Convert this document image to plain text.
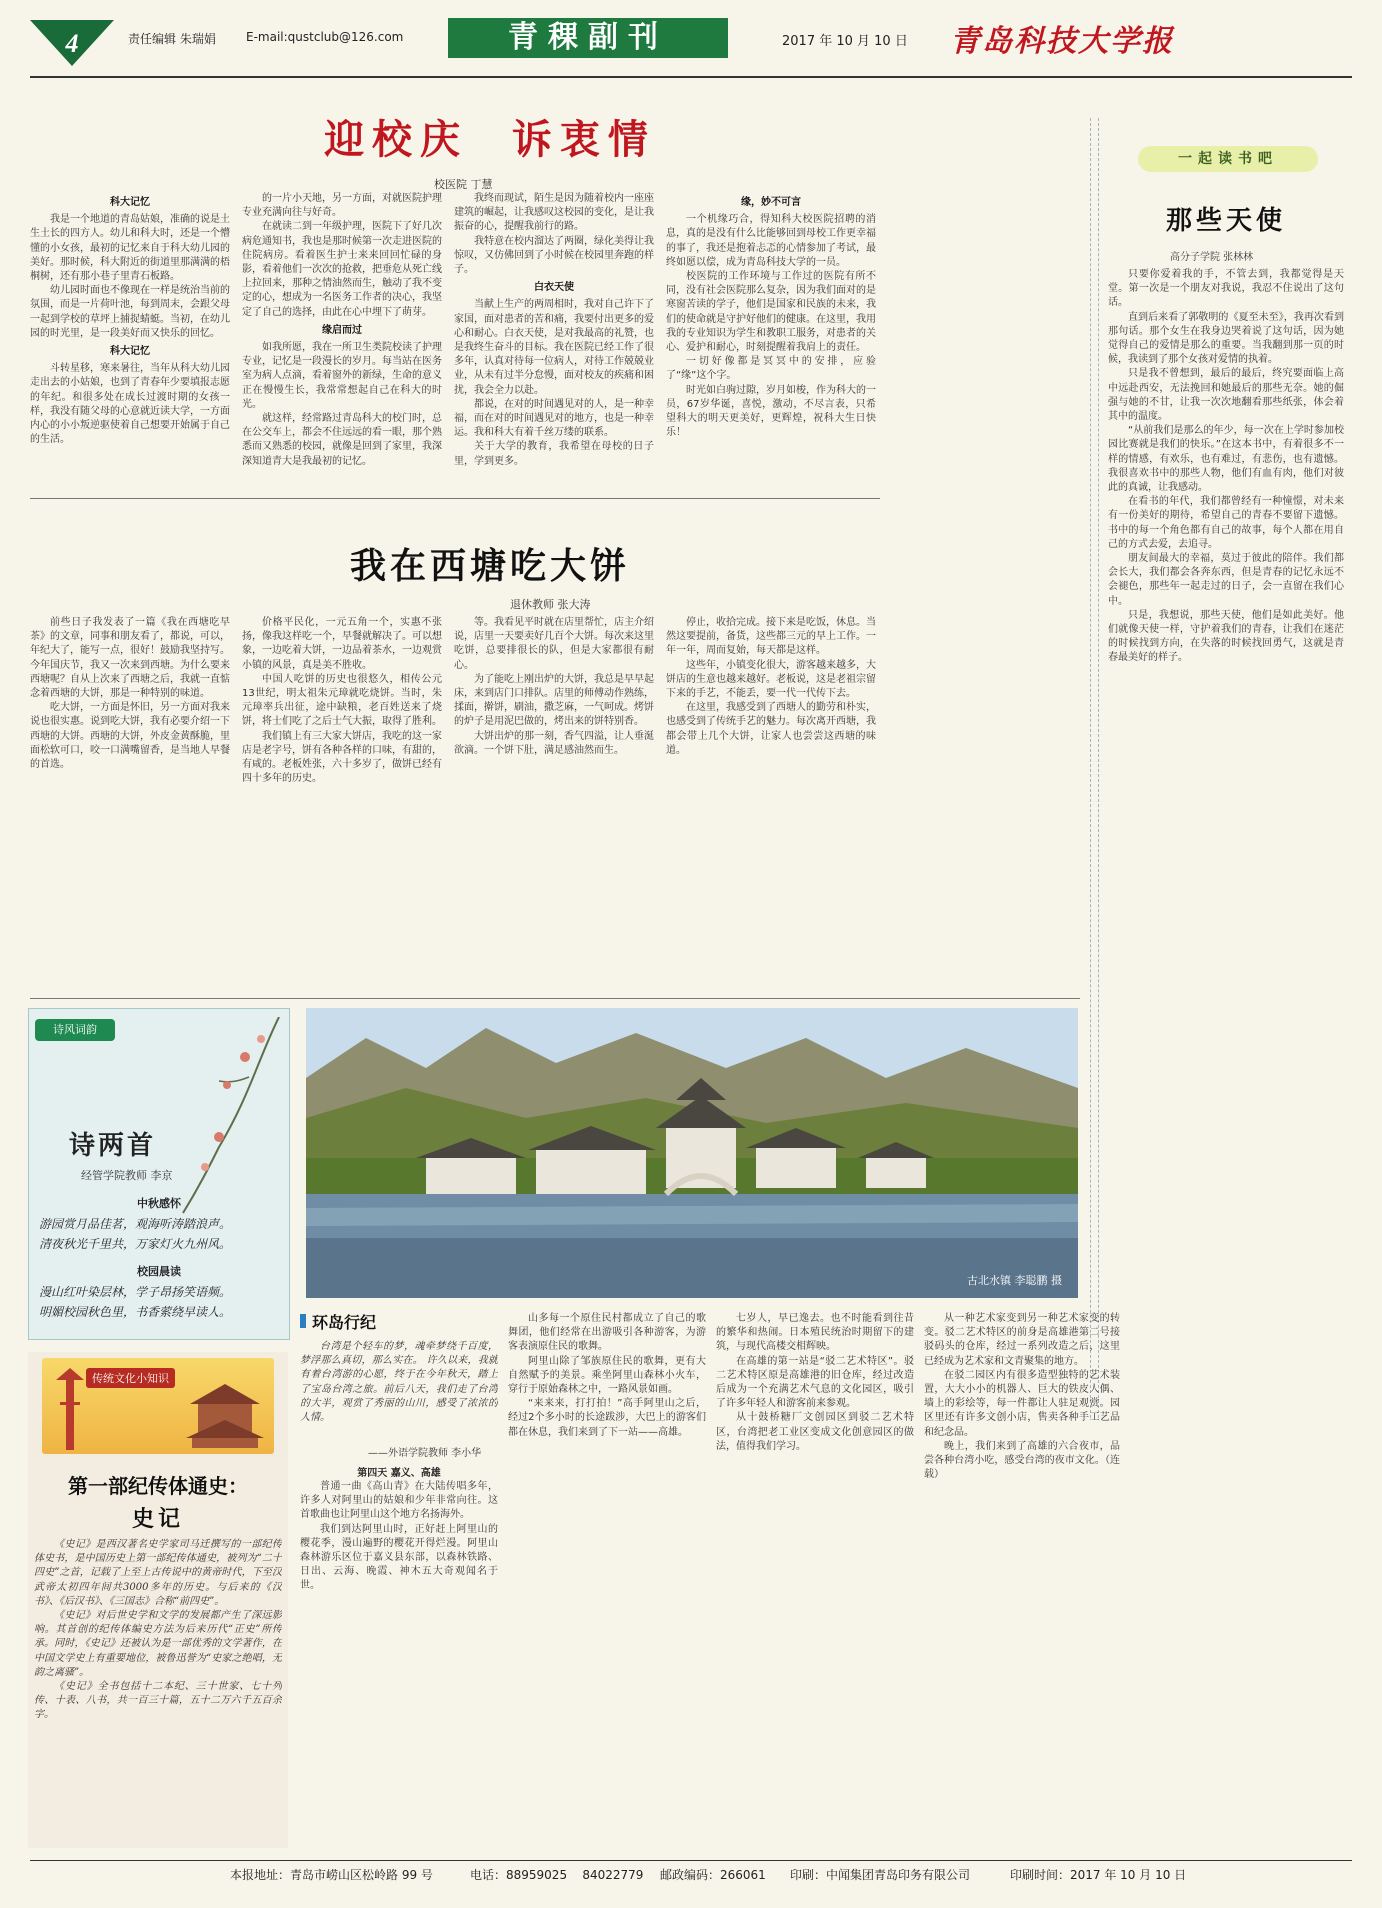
4	责任编辑 朱瑞娟	E-mail:qustclub@126.com	青稞副刊	2017 年 10 月 10 日 青岛科技大学报
迎校庆  诉衷情
校医院 丁慧
科大记忆

我是一个地道的青岛姑娘，准确的说是土生土长的四方人。幼儿和科大时，还是一个懵懂的小女孩，最初的记忆来自于科大幼儿园的美好。那时候，科大附近的街道里那满满的梧桐树，还有那小巷子里青石板路。

幼儿园时面也不像现在一样是统治当前的氛围，而是一片荷叶池，每到周末，会跟父母一起到学校的草坪上捕捉蜻蜓。当初，在幼儿园的时光里，是一段美好而又快乐的回忆。

科大记忆

斗转星移，寒来暑往，当年从科大幼儿园走出去的小姑娘，也到了青春年少要填报志愿的年纪。和很多处在成长过渡时期的女孩一样，我没有随父母的心意就近读大学，一方面内心的小小叛逆驱使着自己想要开始属于自己的生活。

的一片小天地，另一方面，对就医院护理专业充满向往与好奇。

在就读二到一年级护理，医院下了好几次病危通知书，我也是那时候第一次走进医院的住院病房。看着医生护士来来回回忙碌的身影，看着他们一次次的抢救，把垂危从死亡线上拉回来，那种之情油然而生，触动了我不变定的心，想成为一名医务工作者的决心，我坚定了自己的选择，由此在心中埋下了萌芽。

缘启而过

如我所愿，我在一所卫生类院校读了护理专业，记忆是一段漫长的岁月。每当站在医务室为病人点滴，看着窗外的新绿，生命的意义正在慢慢生长，我常常想起自己在科大的时光。

就这样，经常路过青岛科大的校门时，总在公交车上，都会不住远远的看一眼，那个熟悉而又熟悉的校园，就像是回到了家里，我深深知道青大是我最初的记忆。

我终而现试，陌生是因为随着校内一座座建筑的崛起，让我感叹这校园的变化，是让我振奋的心，提醒我前行的路。

我特意在校内溜达了两圈，绿化美得让我惊叹，又仿佛回到了小时候在校园里奔跑的样子。

白衣天使

当献上生产的两周相时，我对自己许下了家国，面对患者的苦和痛，我要付出更多的爱心和耐心。白衣天使，是对我最高的礼赞，也是我终生奋斗的目标。我在医院已经工作了很多年，认真对待每一位病人，对待工作兢兢业业，从未有过半分怠慢，面对校友的疾痛和困扰，我会全力以赴。

都说，在对的时间遇见对的人，是一种幸福，而在对的时间遇见对的地方，也是一种幸运。我和科大有着千丝万缕的联系。

关于大学的教育，我希望在母校的日子里，学到更多。

缘，妙不可言

一个机缘巧合，得知科大校医院招聘的消息，真的是没有什么比能够回到母校工作更幸福的事了，我还是抱着忐忑的心情参加了考试，最终如愿以偿，成为青岛科技大学的一员。

校医院的工作环境与工作过的医院有所不同，没有社会医院那么复杂，因为我们面对的是寒窗苦读的学子，他们是国家和民族的未来，我们的使命就是守护好他们的健康。在这里，我用我的专业知识为学生和教职工服务，对患者的关心、爱护和耐心，时刻提醒着我肩上的责任。

一切好像都是冥冥中的安排，应验了“缘”这个字。

时光如白驹过隙，岁月如梭，作为科大的一员，67岁华诞，喜悦，激动，不尽言表，只希望科大的明天更美好，更辉煌，祝科大生日快乐！

一起读书吧
那些天使
高分子学院 张林林

只要你爱着我的手，不管去到，我都觉得是天堂。第一次是一个朋友对我说，我忍不住说出了这句话。

直到后来看了郭敬明的《夏至未至》，我再次看到那句话。那个女生在我身边哭着说了这句话，因为她觉得自己的爱情是那么的重要。当我翻到那一页的时候，我读到了那个女孩对爱情的执着。

只是我不曾想到，最后的最后，终究要面临上高中远赴西安，无法挽回和她最后的那些无奈。她的倔强与她的不甘，让我一次次地翻看那些纸张，体会着其中的温度。

“从前我们是那么的年少，每一次在上学时参加校园比赛就是我们的快乐。”在这本书中，有着很多不一样的情感，有欢乐，也有难过，有悲伤，也有遗憾。我很喜欢书中的那些人物，他们有血有肉，他们对彼此的真诚，让我感动。

在看书的年代，我们都曾经有一种憧憬，对未来有一份美好的期待，希望自己的青春不要留下遗憾。书中的每一个角色都有自己的故事，每个人都在用自己的方式去爱，去追寻。

朋友间最大的幸福，莫过于彼此的陪伴。我们都会长大，我们都会各奔东西，但是青春的记忆永远不会褪色，那些年一起走过的日子，会一直留在我们心中。

只是，我想说，那些天使，他们是如此美好。他们就像天使一样，守护着我们的青春，让我们在迷茫的时候找到方向，在失落的时候找回勇气，这就是青春最美好的样子。

我在西塘吃大饼
退休教师 张大涛

前些日子我发表了一篇《我在西塘吃早茶》的文章，同事和朋友看了，都说，可以，年纪大了，能写一点，很好！鼓励我坚持写。今年国庆节，我又一次来到西塘。为什么要来西塘呢？自从上次来了西塘之后，我就一直惦念着西塘的大饼，那是一种特别的味道。

吃大饼，一方面是怀旧，另一方面对我来说也很实惠。说到吃大饼，我有必要介绍一下西塘的大饼。西塘的大饼，外皮金黄酥脆，里面松软可口，咬一口满嘴留香，是当地人早餐的首选。

价格平民化，一元五角一个，实惠不张扬，像我这样吃一个，早餐就解决了。可以想象，一边吃着大饼，一边品着茶水，一边观赏小镇的风景，真是美不胜收。

中国人吃饼的历史也很悠久，相传公元13世纪，明太祖朱元璋就吃烧饼。当时，朱元璋率兵出征，途中缺粮，老百姓送来了烧饼，将士们吃了之后士气大振，取得了胜利。

我们镇上有三大家大饼店，我吃的这一家店是老字号，饼有各种各样的口味，有甜的，有咸的。老板姓张，六十多岁了，做饼已经有四十多年的历史。

等。我看见平时就在店里帮忙，店主介绍说，店里一天要卖好几百个大饼。每次来这里吃饼，总要排很长的队，但是大家都很有耐心。

为了能吃上刚出炉的大饼，我总是早早起床，来到店门口排队。店里的师傅动作熟练，揉面，擀饼，刷油，撒芝麻，一气呵成。烤饼的炉子是用泥巴做的，烤出来的饼特别香。

大饼出炉的那一刻，香气四溢，让人垂涎欲滴。一个饼下肚，满足感油然而生。

停止，收拾完成。接下来是吃饭，休息。当然这要提前，备货，这些都三元的早上工作。一年一年，周而复始，每天都是这样。

这些年，小镇变化很大，游客越来越多，大饼店的生意也越来越好。老板说，这是老祖宗留下来的手艺，不能丢，要一代一代传下去。

在这里，我感受到了西塘人的勤劳和朴实，也感受到了传统手艺的魅力。每次离开西塘，我都会带上几个大饼，让家人也尝尝这西塘的味道。

诗风词韵
诗两首
经管学院教师 李京
中秋感怀
游园赏月品佳茗，观海听涛踏浪声。
清夜秋光千里共，万家灯火九州风。
校园晨读
漫山红叶染层林，学子昂扬笑语频。
明媚校园秋色里，书香萦绕早读人。
古北水镇 李聪鹏 摄
传统文化小知识
第一部纪传体通史：
史记

《史记》是西汉著名史学家司马迁撰写的一部纪传体史书，是中国历史上第一部纪传体通史，被列为“二十四史”之首，记载了上至上古传说中的黄帝时代，下至汉武帝太初四年间共3000多年的历史。与后来的《汉书》、《后汉书》、《三国志》合称“前四史”。

《史记》对后世史学和文学的发展都产生了深远影响。其首创的纪传体编史方法为后来历代“正史”所传承。同时，《史记》还被认为是一部优秀的文学著作，在中国文学史上有重要地位，被鲁迅誉为“史家之绝唱，无韵之离骚”。

《史记》全书包括十二本纪、三十世家、七十列传、十表、八书，共一百三十篇，五十二万六千五百余字。

环岛行纪

台湾是个轻车的梦，魂牵梦绕千百度，梦浮那么真切，那么实在。 许久以来，我就有着台湾游的心愿，终于在今年秋天，踏上了宝岛台湾之旅。前后八天，我们走了台湾的大半，观赏了秀丽的山川，感受了浓浓的人情。

——外语学院教师 李小华
第四天 嘉义、高雄

普通一曲《高山青》在大陆传唱多年，许多人对阿里山的姑娘和少年非常向往。这首歌曲也让阿里山这个地方名扬海外。

我们到达阿里山时，正好赶上阿里山的樱花季，漫山遍野的樱花开得烂漫。阿里山森林游乐区位于嘉义县东部，以森林铁路、日出、云海、晚霞、神木五大奇观闻名于世。

山多每一个原住民村都成立了自己的歌舞团，他们经常在出游吸引各种游客，为游客表演原住民的歌舞。

阿里山除了邹族原住民的歌舞，更有大自然赋予的美景。乘坐阿里山森林小火车，穿行于原始森林之中，一路风景如画。

“来来来，打打拍！”高手阿里山之后，经过2个多小时的长途跋涉，大巴上的游客们都在休息，我们来到了下一站——高雄。

七岁人，早已逸去。也不时能看到往昔的繁华和热闹。日本殖民统治时期留下的建筑，与现代高楼交相辉映。

在高雄的第一站是“驳二艺术特区”。驳二艺术特区原是高雄港的旧仓库，经过改造后成为一个充满艺术气息的文化园区，吸引了许多年轻人和游客前来参观。

从十鼓桥糖厂文创园区到驳二艺术特区，台湾把老工业区变成文化创意园区的做法，值得我们学习。

从一种艺术家变到另一种艺术家变的转变。驳二艺术特区的前身是高雄港第二号接驳码头的仓库，经过一系列改造之后，这里已经成为艺术家和文青聚集的地方。

在驳二园区内有很多造型独特的艺术装置，大大小小的机器人、巨大的铁皮人偶、墙上的彩绘等，每一件都让人驻足观赏。园区里还有许多文创小店，售卖各种手工艺品和纪念品。

晚上，我们来到了高雄的六合夜市，品尝各种台湾小吃，感受台湾的夜市文化。（连载）

本报地址：青岛市崂山区松岭路 99 号	电话：88959025    84022779 邮政编码：266061 印刷：中闻集团青岛印务有限公司	印刷时间：2017 年 10 月 10 日
